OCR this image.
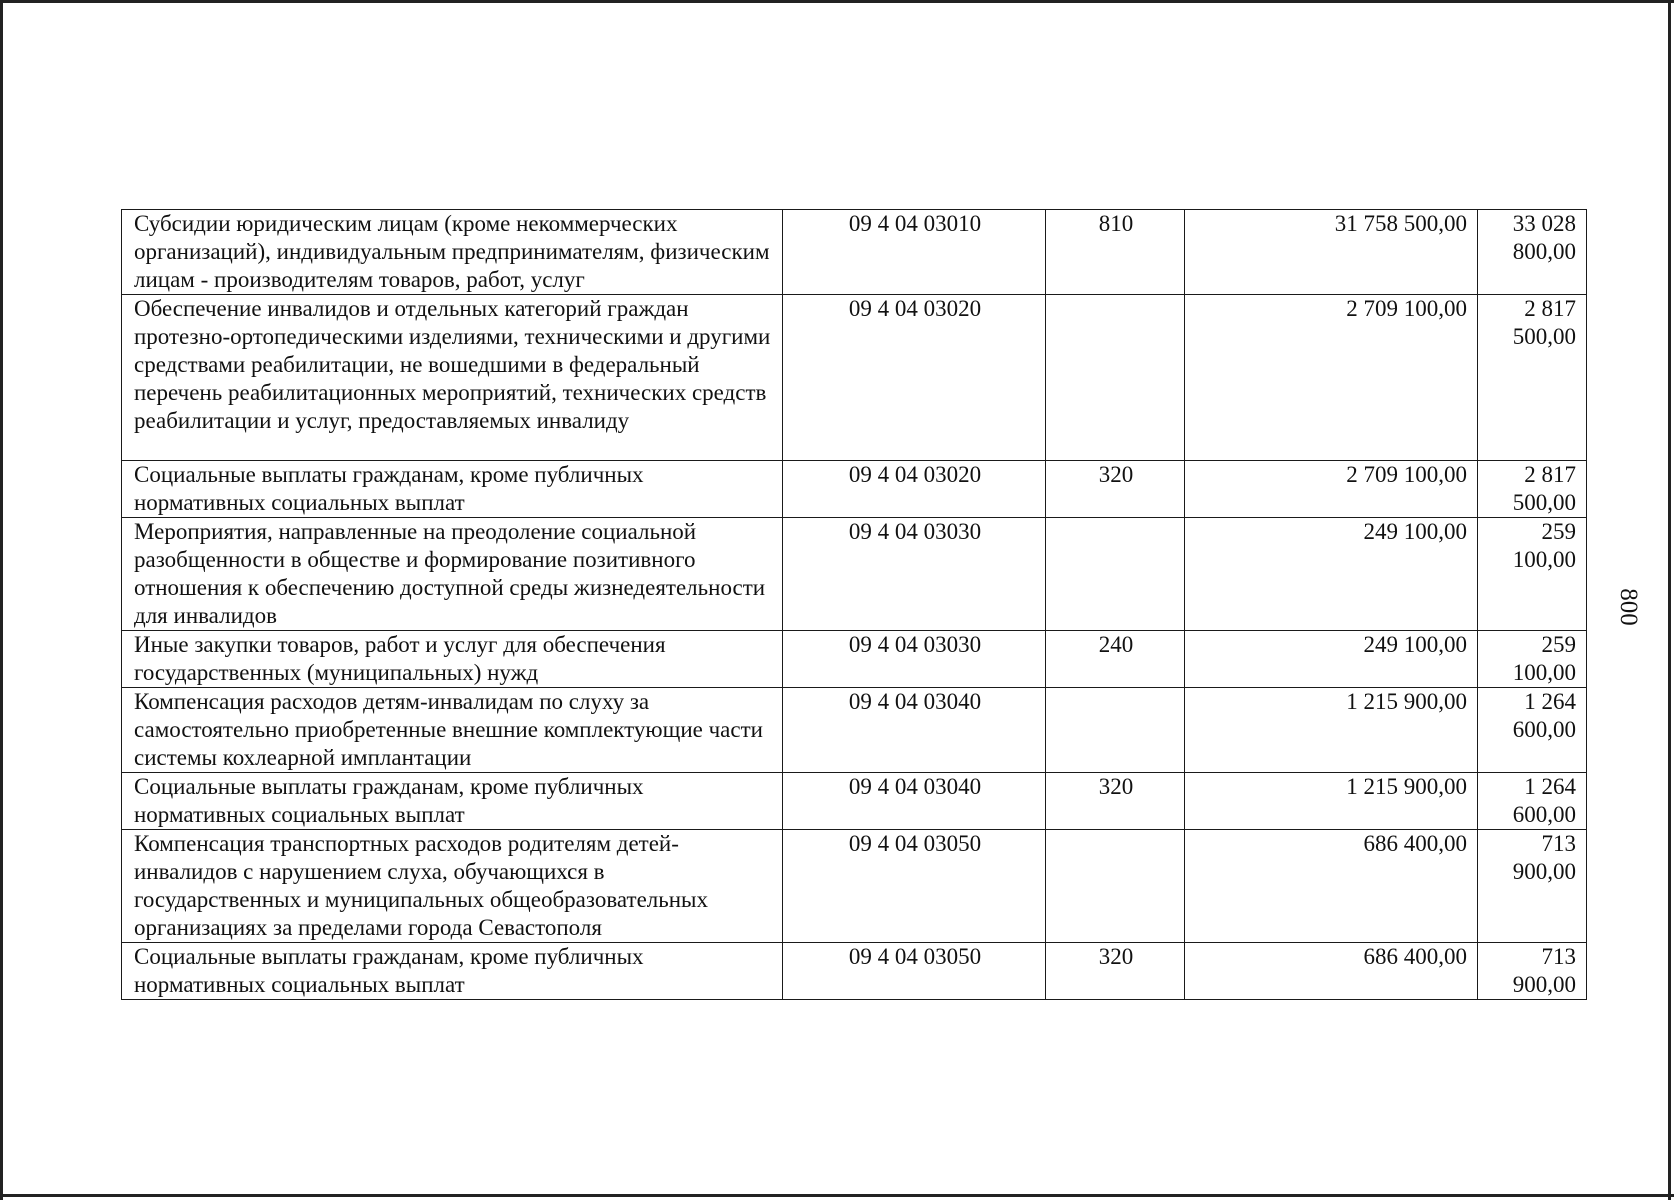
Субсидии юридическим лицам (кроме некоммерческих организаций), индивидуальным предпринимателям, физическим лицам - производителям товаров, работ, услуг	09 4 04 03010	810	31 758 500,00	33 028 800,00
Обеспечение инвалидов и отдельных категорий граждан протезно-ортопедическими изделиями, техническими и другими средствами реабилитации, не вошедшими в федеральный перечень реабилитационных мероприятий, технических средств реабилитации и услуг, предоставляемых инвалиду	09 4 04 03020		2 709 100,00	2 817 500,00
Социальные выплаты гражданам, кроме публичных нормативных социальных выплат	09 4 04 03020	320	2 709 100,00	2 817 500,00
Мероприятия, направленные на преодоление социальной разобщенности в обществе и формирование позитивного отношения к обеспечению доступной среды жизнедеятельности для инвалидов	09 4 04 03030		249 100,00	259 100,00
Иные закупки товаров, работ и услуг для обеспечения государственных (муниципальных) нужд	09 4 04 03030	240	249 100,00	259 100,00
Компенсация расходов детям-инвалидам по слуху за самостоятельно приобретенные внешние комплектующие части системы кохлеарной имплантации	09 4 04 03040		1 215 900,00	1 264 600,00
Социальные выплаты гражданам, кроме публичных нормативных социальных выплат	09 4 04 03040	320	1 215 900,00	1 264 600,00
Компенсация транспортных расходов родителям детей-инвалидов с нарушением слуха, обучающихся в государственных и муниципальных общеобразовательных организациях за пределами города Севастополя	09 4 04 03050		686 400,00	713 900,00
Социальные выплаты гражданам, кроме публичных нормативных социальных выплат	09 4 04 03050	320	686 400,00	713 900,00
800
